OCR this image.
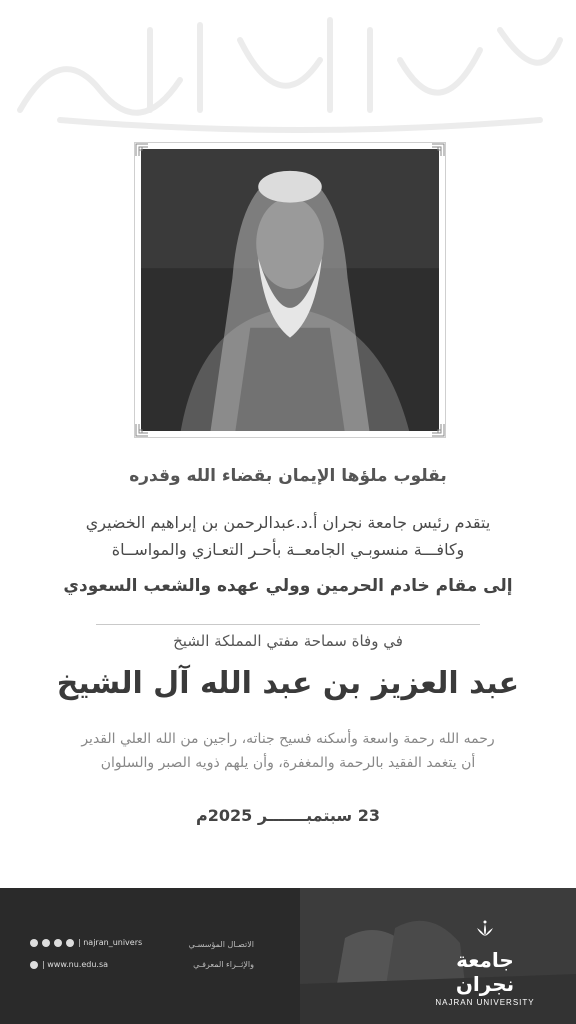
بقلوب ملؤها الإيمان بقضاء الله وقدره
يتقدم رئيس جامعة نجران أ.د.عبدالرحمن بن إبراهيم الخضيري
وكافـــة منسوبـي الجامعــة بأحـر التعـازي والمواســاة
إلى مقام خادم الحرمين وولي عهده والشعب السعودي
في وفاة سماحة مفتي المملكة الشيخ
عبد العزيز بن عبد الله آل الشيخ
رحمه الله رحمة واسعة وأسكنه فسيح جناته، راجين من الله العلي القدير
أن يتغمد الفقيد بالرحمة والمغفرة، وأن يلهم ذويه الصبر والسلوان
23 سبتمبـــــــر 2025م
| najran_univers
| www.nu.edu.sa
الاتصـال المؤسسـي
والإثــراء المعرفـي	جامعة نجران
NAJRAN UNIVERSITY
